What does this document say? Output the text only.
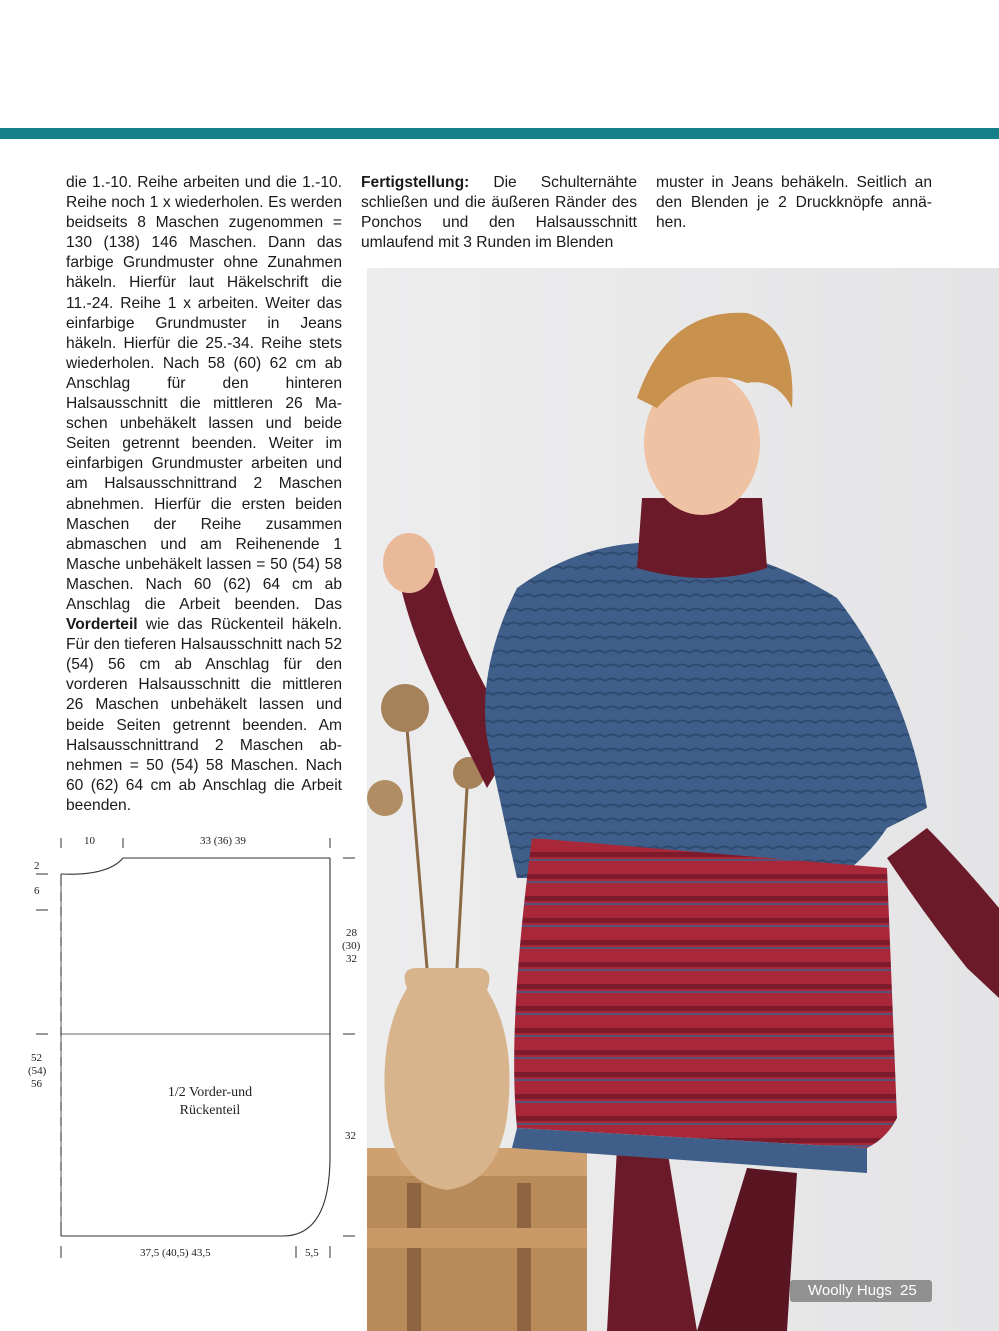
die 1.-10. Reihe arbeiten und die 1.-10. Reihe noch 1 x wiederholen. Es werden beidseits 8 Maschen zugenommen = 130 (138) 146 Maschen. Dann das farbige Grundmuster ohne Zunahmen häkeln. Hierfür laut Häkelschrift die 11.-24. Reihe 1 x arbeiten. Weiter das einfarbige Grundmuster in Jeans häkeln. Hierfür die 25.-34. Reihe stets wiederholen. Nach 58 (60) 62 cm ab Anschlag für den hinteren Halsausschnitt die mittleren 26 Maschen unbehäkelt lassen und beide Seiten getrennt beenden. Weiter im einfarbigen Grundmuster arbeiten und am Halsausschnittrand 2 Maschen abnehmen. Hierfür die ersten beiden Maschen der Reihe zusammen abmaschen und am Reihenende 1 Masche unbehäkelt lassen = 50 (54) 58 Maschen. Nach 60 (62) 64 cm ab Anschlag die Arbeit beenden. Das Vorderteil wie das Rückenteil häkeln. Für den tieferen Halsausschnitt nach 52 (54) 56 cm ab Anschlag für den vorderen Halsausschnitt die mittleren 26 Maschen unbehäkelt lassen und beide Seiten getrennt beenden. Am Halsausschnittrand 2 Maschen abnehmen = 50 (54) 58 Maschen. Nach 60 (62) 64 cm ab Anschlag die Arbeit beenden.

Fertigstellung: Die Schulternähte schließen und die äußeren Ränder des Ponchos und den Halsausschnitt umlaufend mit 3 Runden im Blenden

muster in Jeans behäkeln. Seitlich an den Blenden je 2 Druckknöpfe annähen.

10	33 (36) 39
2
6
28
(30)
32
52
(54)
56
1/2 Vorder-und
Rückenteil
32
37,5 (40,5) 43,5	5,5
Woolly Hugs 25
